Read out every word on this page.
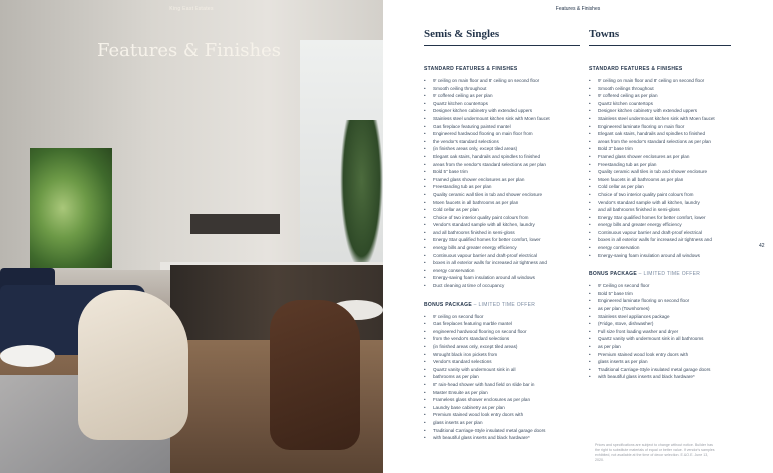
King East Estates
Features & Finishes
Features & Finishes
Semis & Singles
STANDARD FEATURES & FINISHES
• 9' ceiling on main floor and 8' ceiling on second floor
• Smooth ceiling throughout
• 9' coffered ceiling as per plan
• Quartz kitchen countertops
• Designer kitchen cabinetry with extended uppers
• Stainless steel undermount kitchen sink with Moen faucet
• Gas fireplace featuring painted mantel
• Engineered hardwood flooring on main floor from
• the vendor's standard selections
• (in finishes areas only, except tiled areas)
• Elegant oak stairs, handrails and spindles to finished
• areas from the vendor's standard selections as per plan
• Bold 5" base trim
• Framed glass shower enclosures as per plan
• Freestanding tub as per plan
• Quality ceramic wall tiles in tub and shower enclosure
• Moen faucets in all bathrooms as per plan
• Cold cellar as per plan
• Choice of two interior quality paint colours from
• Vendor's standard sample with all kitchen, laundry
• and all bathrooms finished in semi-gloss
• Energy Star qualified homes for better comfort, lower
• energy bills and greater energy efficiency
• Continuous vapour barrier and draft-proof electrical
• boxes in all exterior walls for increased air tightness and
• energy conservation
• Energy-saving foam insulation around all windows
• Duct cleaning at time of occupancy
BONUS PACKAGE – LIMITED TIME OFFER
• 9' ceiling on second floor
• Gas fireplaces featuring marble mantel
• engineered hardwood flooring on second floor
• from the vendor's standard selections
• (in finished areas only, except tiled areas)
• Wrought black iron pickets from
• Vendor's standard selections
• Quartz vanity with undermount sink in all
• bathrooms as per plan
• 8" rain-head shower with hand field on slide bar in
• Master Ensuite as per plan
• Frameless glass shower enclosures as per plan
• Laundry base cabinetry as per plan
• Premium stained wood look entry doors with
• glass inserts as per plan
• Traditional Carriage-Style insulated metal garage doors
• with beautiful glass inserts and black hardware*
Towns
STANDARD FEATURES & FINISHES
• 9' ceiling on main floor and 8' ceiling on second floor
• Smooth ceilings throughout
• 9' coffered ceiling as per plan
• Quartz kitchen countertops
• Designer kitchen cabinetry with extended uppers
• Stainless steel undermount kitchen sink with Moen faucet
• Engineered laminate flooring on main floor
• Elegant oak stairs, handrails and spindles to finished
• areas from the vendor's standard selections as per plan
• Bold 3" base trim
• Framed glass shower enclosures as per plan
• Freestanding tub as per plan
• Quality ceramic wall tiles in tub and shower enclosure
• Moen faucets in all bathrooms as per plan
• Cold cellar as per plan
• Choice of two interior quality paint colours from
• Vendor's standard sample with all kitchen, laundry
• and all bathrooms finished in semi-gloss
• Energy Star qualified homes for better comfort, lower
• energy bills and greater energy efficiency
• Continuous vapour barrier and draft-proof electrical
• boxes in all exterior walls for increased air tightness and
• energy conservation
• Energy-saving foam insulation around all windows
BONUS PACKAGE – LIMITED TIME OFFER
• 9' Ceiling on second floor
• Bold 5" base trim
• Engineered laminate flooring on second floor
• as per plan (Townhomes)
• Stainless steel appliances package
• (Fridge, stove, dishwasher)
• Full size front loading washer and dryer
• Quartz vanity with undermount sink in all bathrooms
• as per plan
• Premium stained wood look entry doors with
• glass inserts as per plan
• Traditional Carriage-Style insulated metal garage doors
• with beautiful glass inserts and black hardware*
42
Prices and specifications are subject to change without notice. Builder has the right to substitute materials of equal or better value. If vendor's samples exhibited, not available at the time of decor selection. E.&O.E. June 13, 2020.
